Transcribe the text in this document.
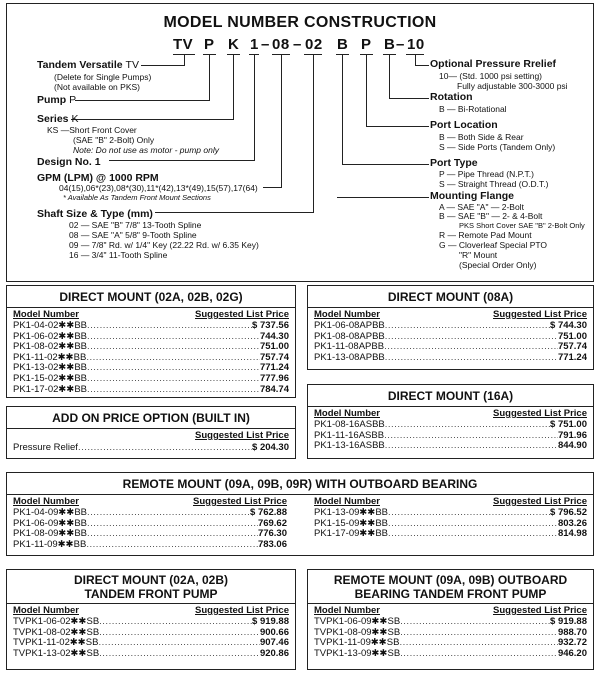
MODEL NUMBER CONSTRUCTION
TV P K 1 – 08 – 02 B P B – 10
Tandem Versatile TV
(Delete for Single Pumps)
(Not available on PKS)
Pump P
Series K
KS —Short Front Cover
(SAE "B" 2-Bolt) Only
Note: Do not use as motor - pump only
Design No. 1
GPM (LPM) @ 1000 RPM
04(15),06*(23),08*(30),11*(42),13*(49),15(57),17(64)
* Available As Tandem Front Mount Sections
Shaft Size & Type (mm)
02 — SAE "B" 7/8" 13-Tooth Spline
08 — SAE "A" 5/8" 9-Tooth Spline
09 — 7/8" Rd. w/ 1/4" Key (22.22 Rd. w/ 6.35 Key)
16 — 3/4" 11-Tooth Spline
Optional Pressure Rrelief
10— (Std. 1000 psi setting)
Fully adjustable 300-3000 psi
Rotation
B — Bi-Rotational
Port Location
B — Both Side & Rear
S — Side Ports (Tandem Only)
Port Type
P — Pipe Thread (N.P.T.)
S — Straight Thread (O.D.T.)
Mounting Flange
A — SAE "A" — 2-Bolt
B — SAE "B" — 2- & 4-Bolt
PKS Short Cover SAE "B" 2-Bolt Only
R — Remote Pad Mount
G — Cloverleaf Special PTO
"R" Mount
(Special Order Only)
DIRECT MOUNT (02A, 02B, 02G)
Model Number	Suggested List Price
PK1-04-02✱✱BB .....	$ 737.56
PK1-06-02✱✱BB .....	744.30
PK1-08-02✱✱BB .....	751.00
PK1-11-02✱✱BB .....	757.74
PK1-13-02✱✱BB .....	771.24
PK1-15-02✱✱BB .....	777.96
PK1-17-02✱✱BB .....	784.74
DIRECT MOUNT (08A)
Model Number	Suggested List Price
PK1-06-08APBB .....	$ 744.30
PK1-08-08APBB .....	751.00
PK1-11-08APBB .....	757.74
PK1-13-08APBB .....	771.24
ADD ON PRICE OPTION (BUILT IN)
Suggested List Price
Pressure Relief .....	$ 204.30
DIRECT MOUNT (16A)
Model Number	Suggested List Price
PK1-08-16ASBB .....	$ 751.00
PK1-11-16ASBB .....	791.96
PK1-13-16ASBB .....	844.90
REMOTE MOUNT (09A, 09B, 09R) WITH OUTBOARD BEARING
Model Number	Suggested List Price
PK1-04-09✱✱BB .....	$ 762.88
PK1-06-09✱✱BB .....	769.62
PK1-08-09✱✱BB .....	776.30
PK1-11-09✱✱BB .....	783.06
Model Number	Suggested List Price
PK1-13-09✱✱BB .....	$ 796.52
PK1-15-09✱✱BB .....	803.26
PK1-17-09✱✱BB .....	814.98
DIRECT MOUNT (02A, 02B)
TANDEM FRONT PUMP
Model Number	Suggested List Price
TVPK1-06-02✱✱SB .....	$ 919.88
TVPK1-08-02✱✱SB .....	900.66
TVPK1-11-02✱✱SB .....	907.46
TVPK1-13-02✱✱SB .....	920.86
REMOTE MOUNT (09A, 09B) OUTBOARD
BEARING TANDEM FRONT PUMP
Model Number	Suggested List Price
TVPK1-06-09✱✱SB .....	$ 919.88
TVPK1-08-09✱✱SB .....	988.70
TVPK1-11-09✱✱SB .....	932.72
TVPK1-13-09✱✱SB .....	946.20
